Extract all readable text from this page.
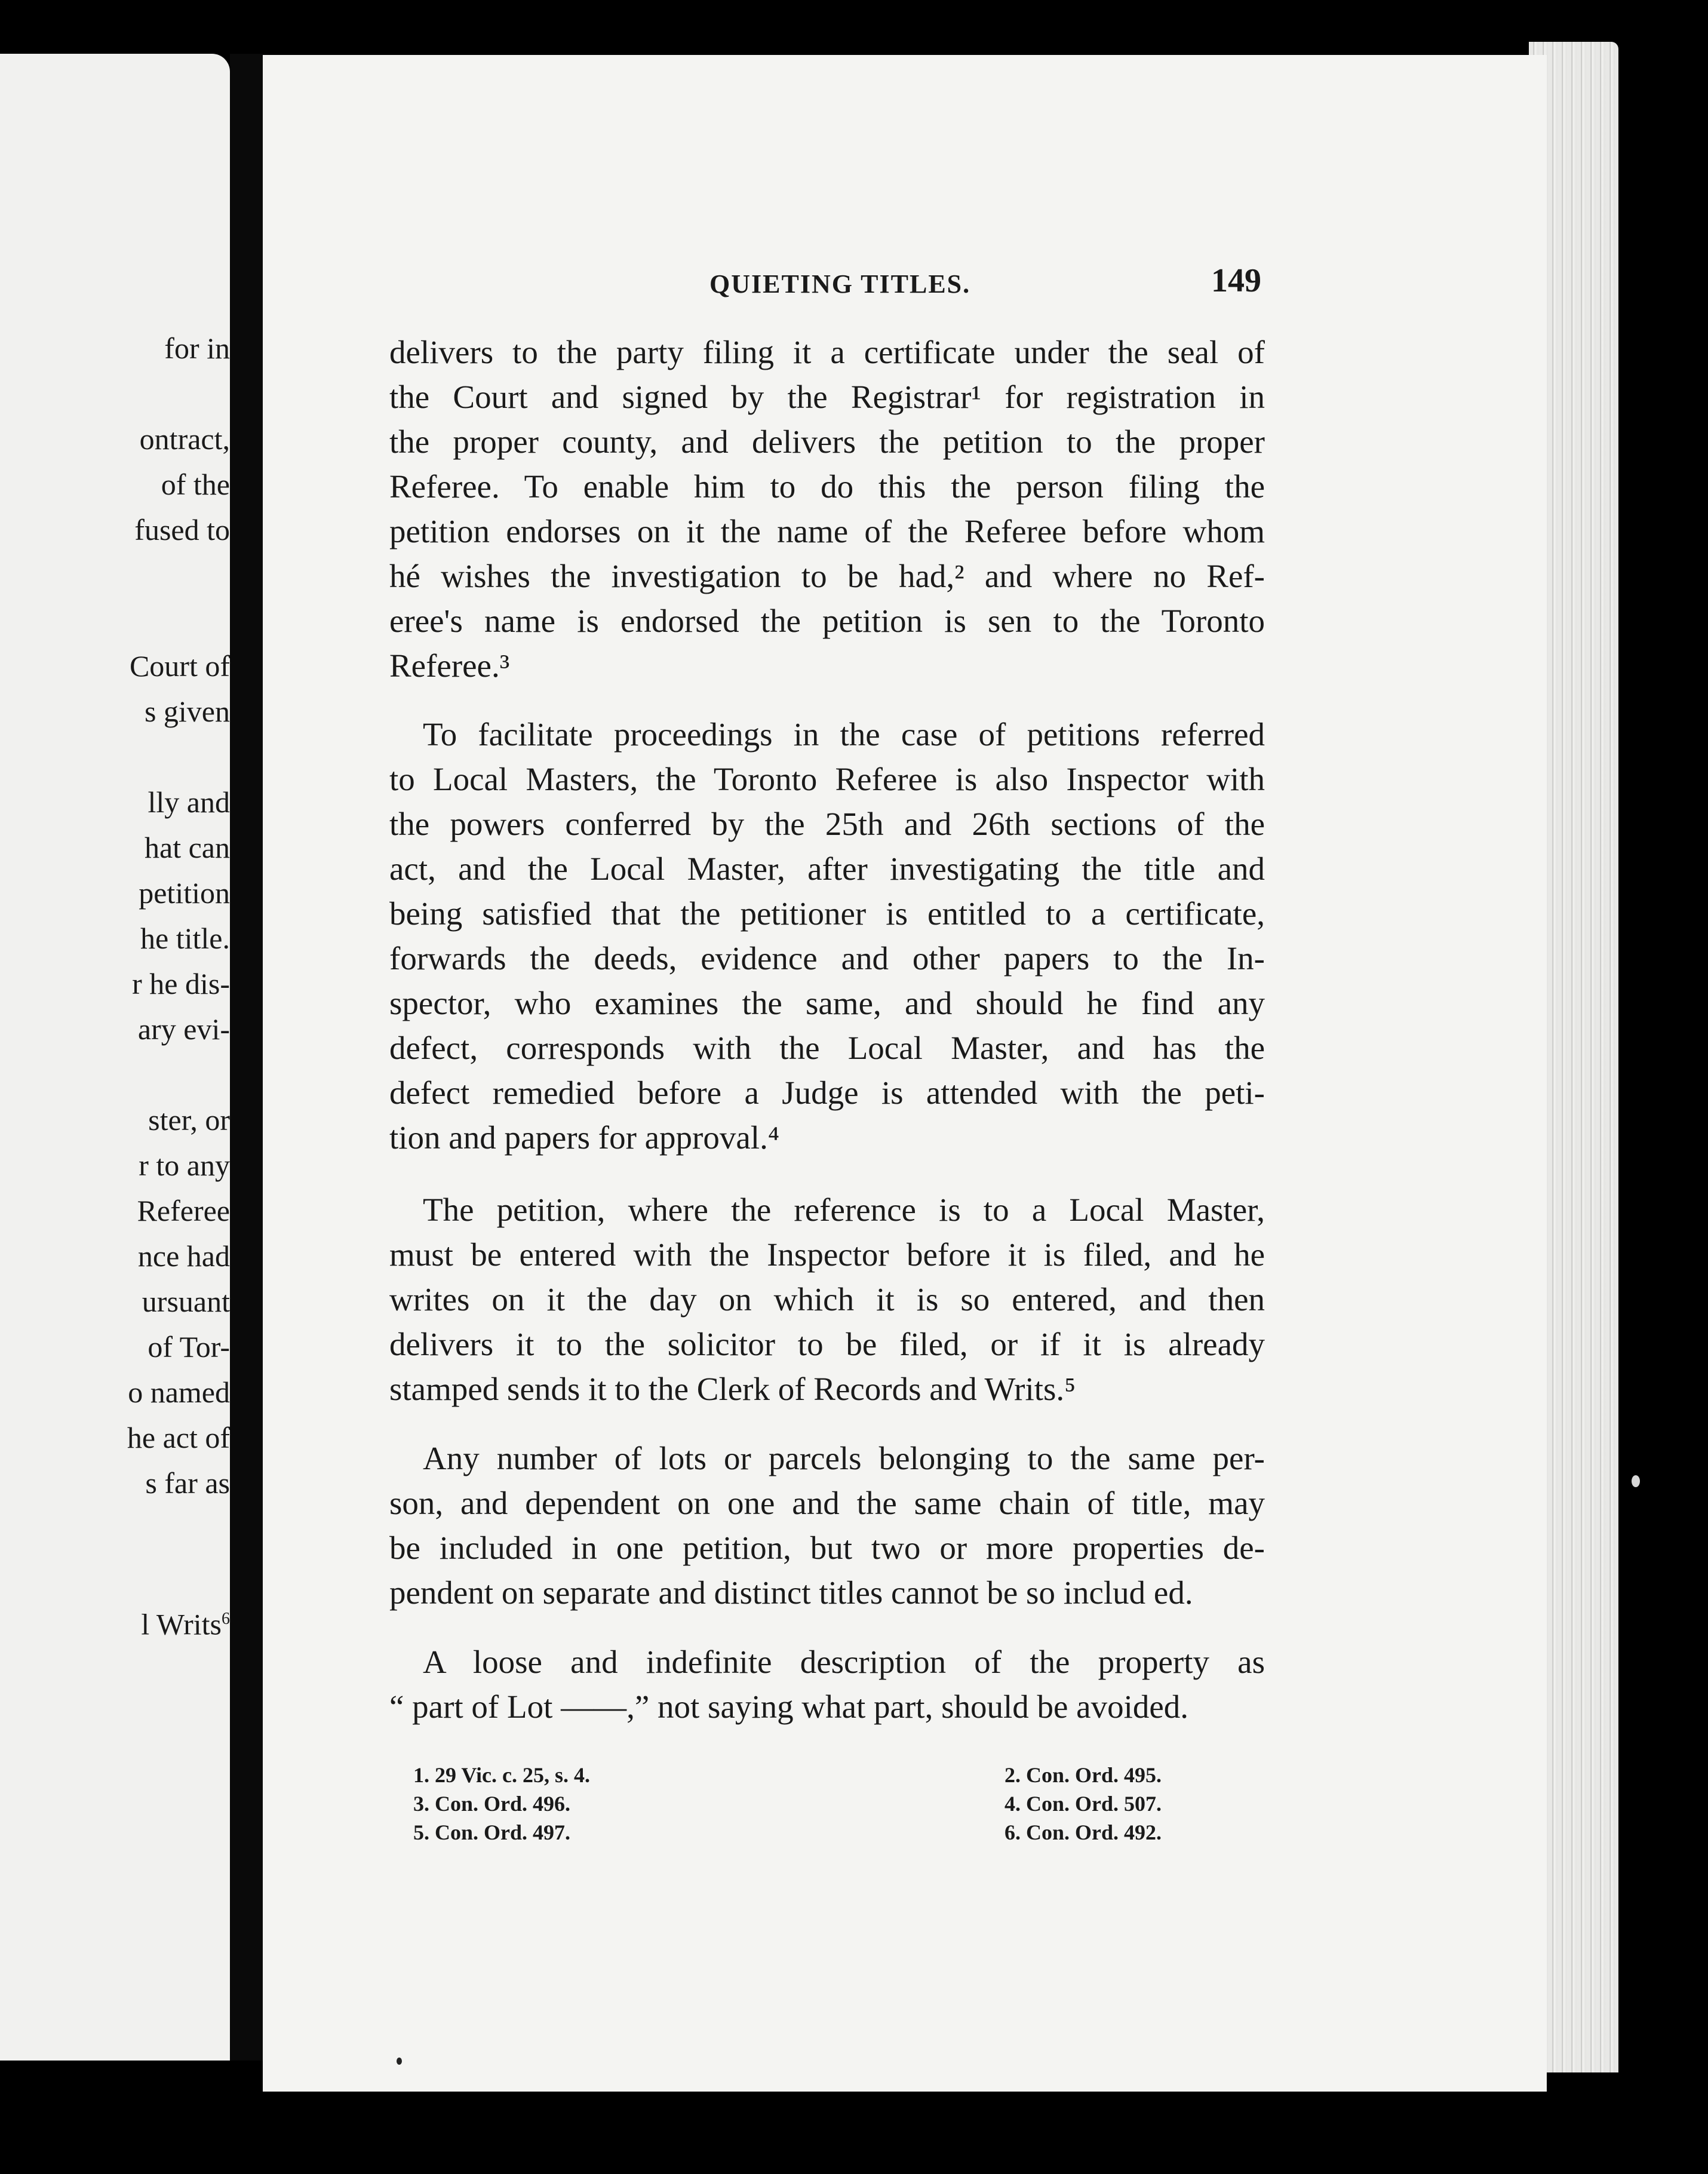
for in
ontract,
of the
fused to
Court of
s given
lly and
hat can
petition
he title.
r he dis-
ary evi-
ster, or
r to any
Referee
nce had
ursuant
of Tor-
o named
he act of
s far as
l Writs$^6$
QUIETING TITLES.	149
delivers to the party filing it a certificate under the seal of
the Court and signed by the Registrar¹ for registration in
the proper county, and delivers the petition to the proper
Referee. To enable him to do this the person filing the
petition endorses on it the name of the Referee before whom
hé wishes the investigation to be had,² and where no Ref-
eree's name is endorsed the petition is sen to the Toronto
Referee.³
To facilitate proceedings in the case of petitions referred
to Local Masters, the Toronto Referee is also Inspector with
the powers conferred by the 25th and 26th sections of the
act, and the Local Master, after investigating the title and
being satisfied that the petitioner is entitled to a certificate,
forwards the deeds, evidence and other papers to the In-
spector, who examines the same, and should he find any
defect, corresponds with the Local Master, and has the
defect remedied before a Judge is attended with the peti-
tion and papers for approval.⁴
The petition, where the reference is to a Local Master,
must be entered with the Inspector before it is filed, and he
writes on it the day on which it is so entered, and then
delivers it to the solicitor to be filed, or if it is already
stamped sends it to the Clerk of Records and Writs.⁵
Any number of lots or parcels belonging to the same per-
son, and dependent on one and the same chain of title, may
be included in one petition, but two or more properties de-
pendent on separate and distinct titles cannot be so includ ed.
A loose and indefinite description of the property as
“ part of Lot ——,” not saying what part, should be avoided.
1. 29 Vic. c. 25, s. 4.	2. Con. Ord. 495.
3. Con. Ord. 496.	4. Con. Ord. 507.
5. Con. Ord. 497.	6. Con. Ord. 492.
